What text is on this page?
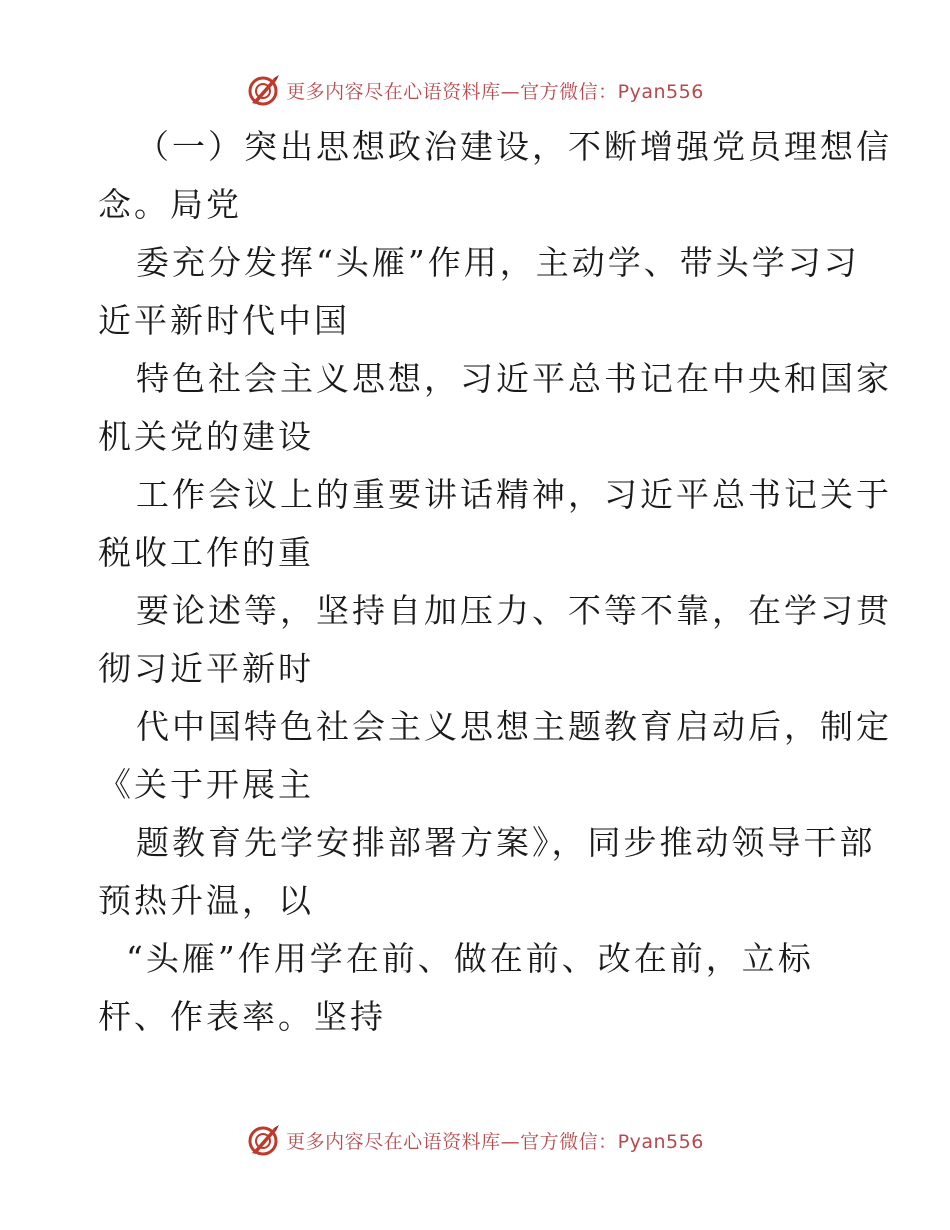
更多内容尽在心语资料库—官方微信：Pyan556
（一）突出思想政治建设，不断增强党员理想信
念。局党
委充分发挥“头雁”作用，主动学、带头学习习
近平新时代中国
特色社会主义思想，习近平总书记在中央和国家
机关党的建设
工作会议上的重要讲话精神，习近平总书记关于
税收工作的重
要论述等，坚持自加压力、不等不靠，在学习贯
彻习近平新时
代中国特色社会主义思想主题教育启动后，制定
《关于开展主
题教育先学安排部署方案》，同步推动领导干部
预热升温，以
“头雁”作用学在前、做在前、改在前，立标
杆、作表率。坚持
更多内容尽在心语资料库—官方微信：Pyan556
